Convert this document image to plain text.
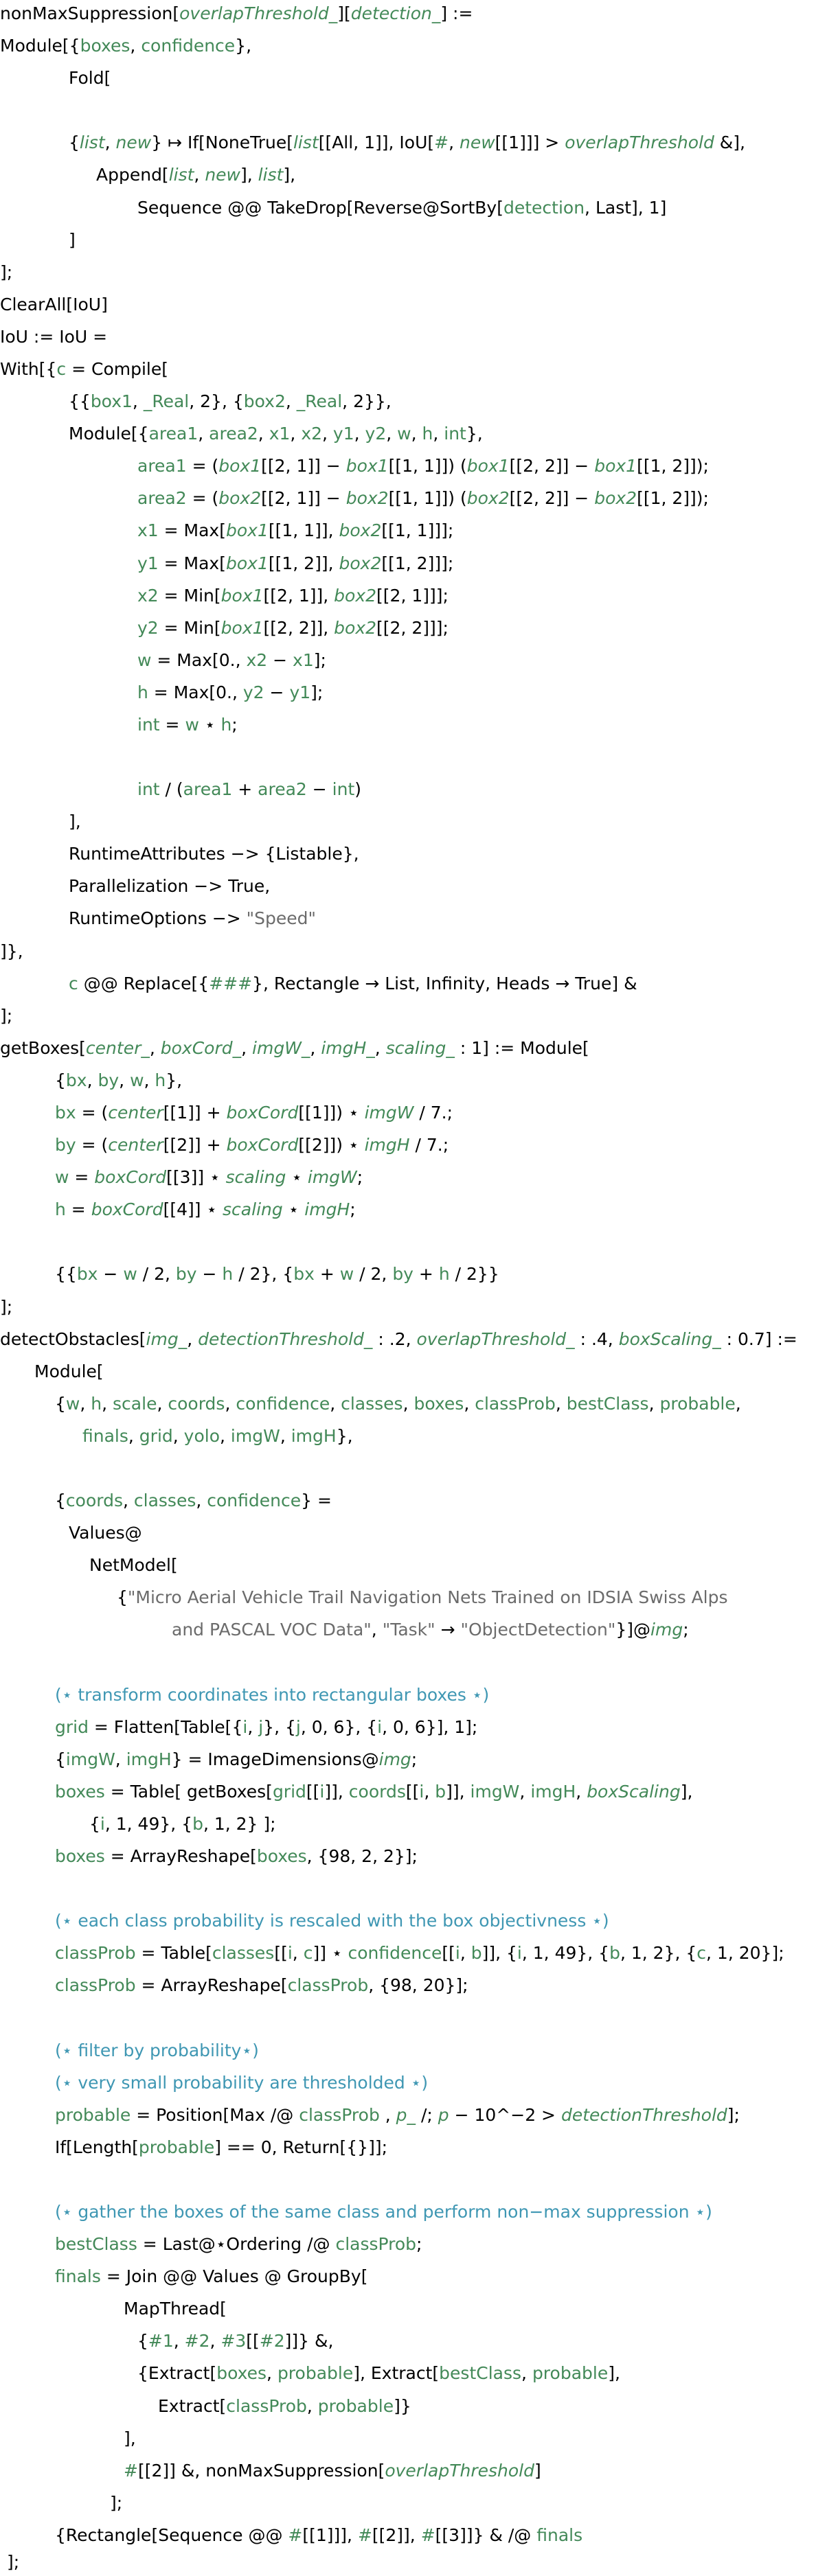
nonMaxSuppression[overlapThreshold_][detection_] :=
Module[{boxes, confidence},
Fold[
{list, new} ↦ If[NoneTrue[list[[All, 1]], IoU[#, new[[1]]] > overlapThreshold &],
Append[list, new], list],
Sequence @@ TakeDrop[Reverse@SortBy[detection, Last], 1]
]
];
ClearAll[IoU]
IoU := IoU =
With[{c = Compile[
{{box1, _Real, 2}, {box2, _Real, 2}},
Module[{area1, area2, x1, x2, y1, y2, w, h, int},
area1 = (box1[[2, 1]] − box1[[1, 1]]) (box1[[2, 2]] − box1[[1, 2]]);
area2 = (box2[[2, 1]] − box2[[1, 1]]) (box2[[2, 2]] − box2[[1, 2]]);
x1 = Max[box1[[1, 1]], box2[[1, 1]]];
y1 = Max[box1[[1, 2]], box2[[1, 2]]];
x2 = Min[box1[[2, 1]], box2[[2, 1]]];
y2 = Min[box1[[2, 2]], box2[[2, 2]]];
w = Max[0., x2 − x1];
h = Max[0., y2 − y1];
int = w ⋆ h;
int / (area1 + area2 − int)
],
RuntimeAttributes −> {Listable},
Parallelization −> True,
RuntimeOptions −> "Speed"
]},
c @@ Replace[{###}, Rectangle → List, Infinity, Heads → True] &
];
getBoxes[center_, boxCord_, imgW_, imgH_, scaling_ : 1] := Module[
{bx, by, w, h},
bx = (center[[1]] + boxCord[[1]]) ⋆ imgW / 7.;
by = (center[[2]] + boxCord[[2]]) ⋆ imgH / 7.;
w = boxCord[[3]] ⋆ scaling ⋆ imgW;
h = boxCord[[4]] ⋆ scaling ⋆ imgH;
{{bx − w / 2, by − h / 2}, {bx + w / 2, by + h / 2}}
];
detectObstacles[img_, detectionThreshold_ : .2, overlapThreshold_ : .4, boxScaling_ : 0.7] :=
Module[
{w, h, scale, coords, confidence, classes, boxes, classProb, bestClass, probable,
finals, grid, yolo, imgW, imgH},
{coords, classes, confidence} =
Values@
NetModel[
{"Micro Aerial Vehicle Trail Navigation Nets Trained on IDSIA Swiss Alps
and PASCAL VOC Data", "Task" → "ObjectDetection"}]@img;
(⋆ transform coordinates into rectangular boxes ⋆)
grid = Flatten[Table[{i, j}, {j, 0, 6}, {i, 0, 6}], 1];
{imgW, imgH} = ImageDimensions@img;
boxes = Table[ getBoxes[grid[[i]], coords[[i, b]], imgW, imgH, boxScaling],
{i, 1, 49}, {b, 1, 2} ];
boxes = ArrayReshape[boxes, {98, 2, 2}];
(⋆ each class probability is rescaled with the box objectivness ⋆)
classProb = Table[classes[[i, c]] ⋆ confidence[[i, b]], {i, 1, 49}, {b, 1, 2}, {c, 1, 20}];
classProb = ArrayReshape[classProb, {98, 20}];
(⋆ filter by probability⋆)
(⋆ very small probability are thresholded ⋆)
probable = Position[Max /@ classProb , p_ /; p − 10^−2 > detectionThreshold];
If[Length[probable] == 0, Return[{}]];
(⋆ gather the boxes of the same class and perform non−max suppression ⋆)
bestClass = Last@⋆Ordering /@ classProb;
finals = Join @@ Values @ GroupBy[
MapThread[
{#1, #2, #3[[#2]]} &,
{Extract[boxes, probable], Extract[bestClass, probable],
Extract[classProb, probable]}
],
#[[2]] &, nonMaxSuppression[overlapThreshold]
];
{Rectangle[Sequence @@ #[[1]]], #[[2]], #[[3]]} & /@ finals
];
